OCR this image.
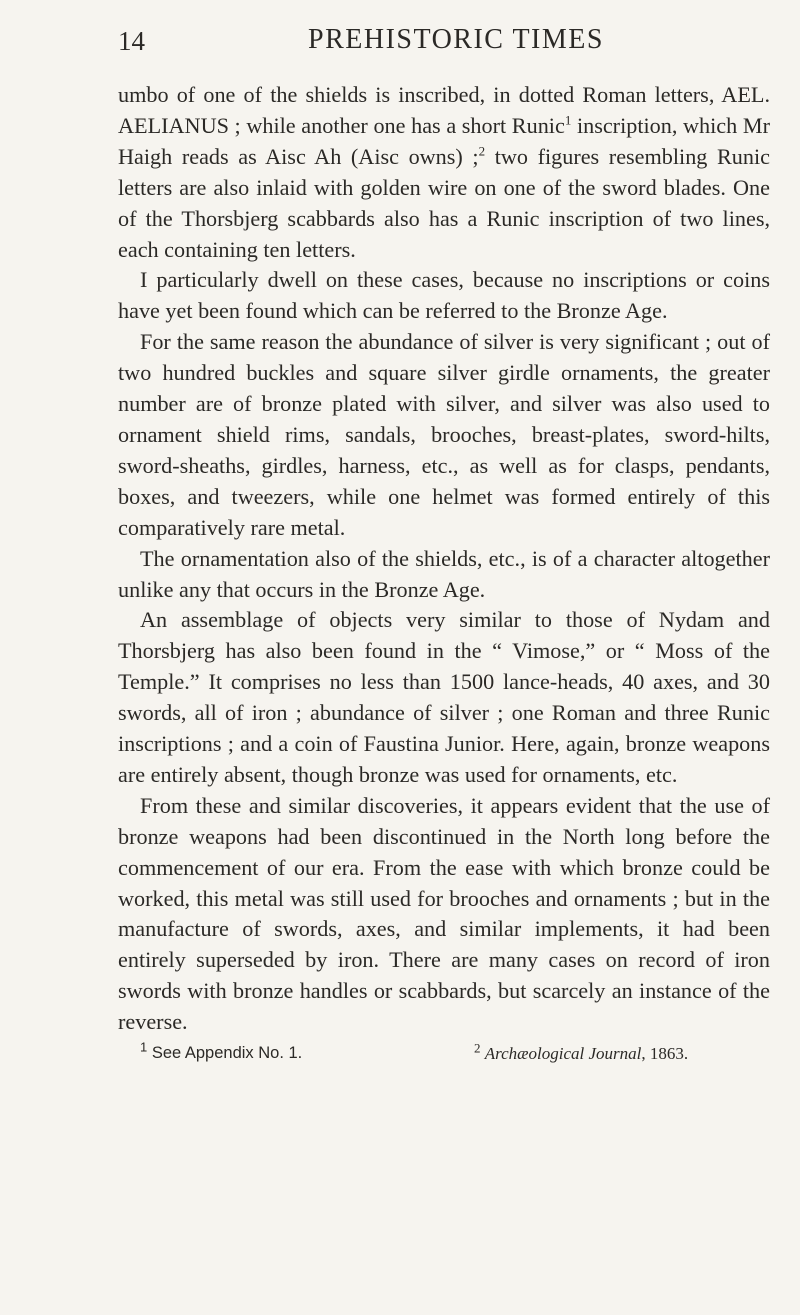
14	PREHISTORIC TIMES

umbo of one of the shields is inscribed, in dotted Roman letters, AEL. AELIANUS ; while another one has a short Runic$^1$ inscription, which Mr Haigh reads as Aisc Ah (Aisc owns) ;$^2$ two figures resembling Runic letters are also inlaid with golden wire on one of the sword blades. One of the Thorsbjerg scabbards also has a Runic inscription of two lines, each containing ten letters.

I particularly dwell on these cases, because no inscriptions or coins have yet been found which can be referred to the Bronze Age.

For the same reason the abundance of silver is very significant ; out of two hundred buckles and square silver girdle ornaments, the greater number are of bronze plated with silver, and silver was also used to ornament shield rims, sandals, brooches, breast-plates, sword-hilts, sword-sheaths, girdles, harness, etc., as well as for clasps, pendants, boxes, and tweezers, while one helmet was formed entirely of this comparatively rare metal.

The ornamentation also of the shields, etc., is of a character altogether unlike any that occurs in the Bronze Age.

An assemblage of objects very similar to those of Nydam and Thorsbjerg has also been found in the “ Vimose,” or “ Moss of the Temple.” It comprises no less than 1500 lance-heads, 40 axes, and 30 swords, all of iron ; abundance of silver ; one Roman and three Runic inscriptions ; and a coin of Faustina Junior. Here, again, bronze weapons are entirely absent, though bronze was used for ornaments, etc.

From these and similar discoveries, it appears evident that the use of bronze weapons had been discontinued in the North long before the commencement of our era. From the ease with which bronze could be worked, this metal was still used for brooches and ornaments ; but in the manufacture of swords, axes, and similar implements, it had been entirely superseded by iron. There are many cases on record of iron swords with bronze handles or scabbards, but scarcely an instance of the reverse.

$^1$ See Appendix No. 1.	$^2$ Archæological Journal, 1863.
